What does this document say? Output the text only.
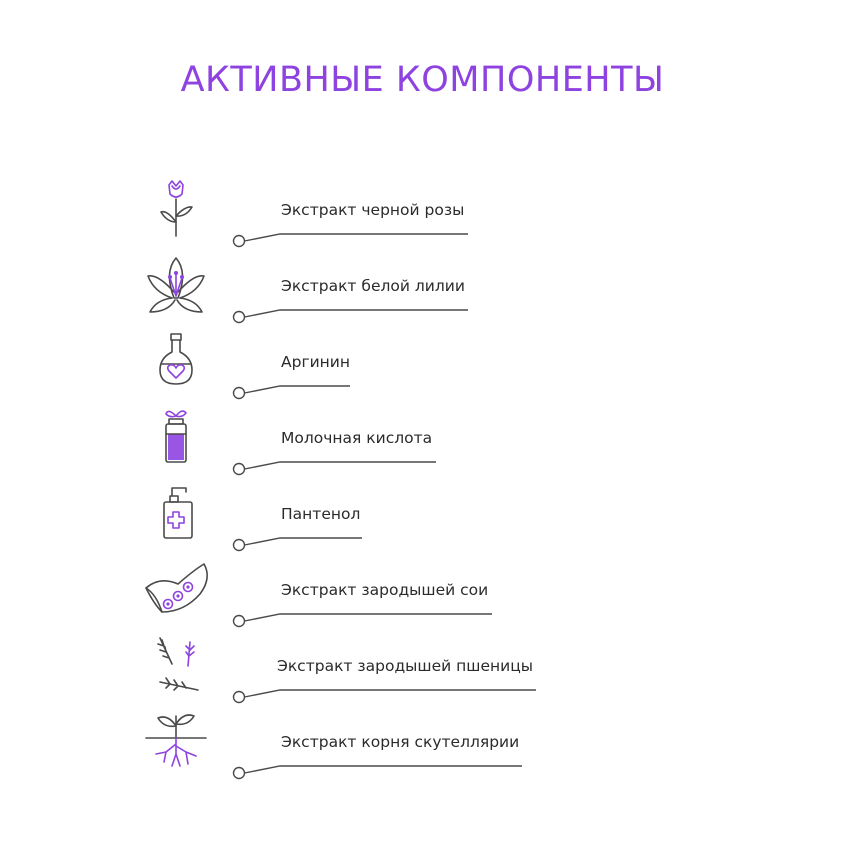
АКТИВНЫЕ КОМПОНЕНТЫ
Экстракт черной розы
Экстракт белой лилии
Аргинин
Молочная кислота
Пантенол
Экстракт зародышей сои
Экстракт зародышей пшеницы
Экстракт корня скутеллярии
